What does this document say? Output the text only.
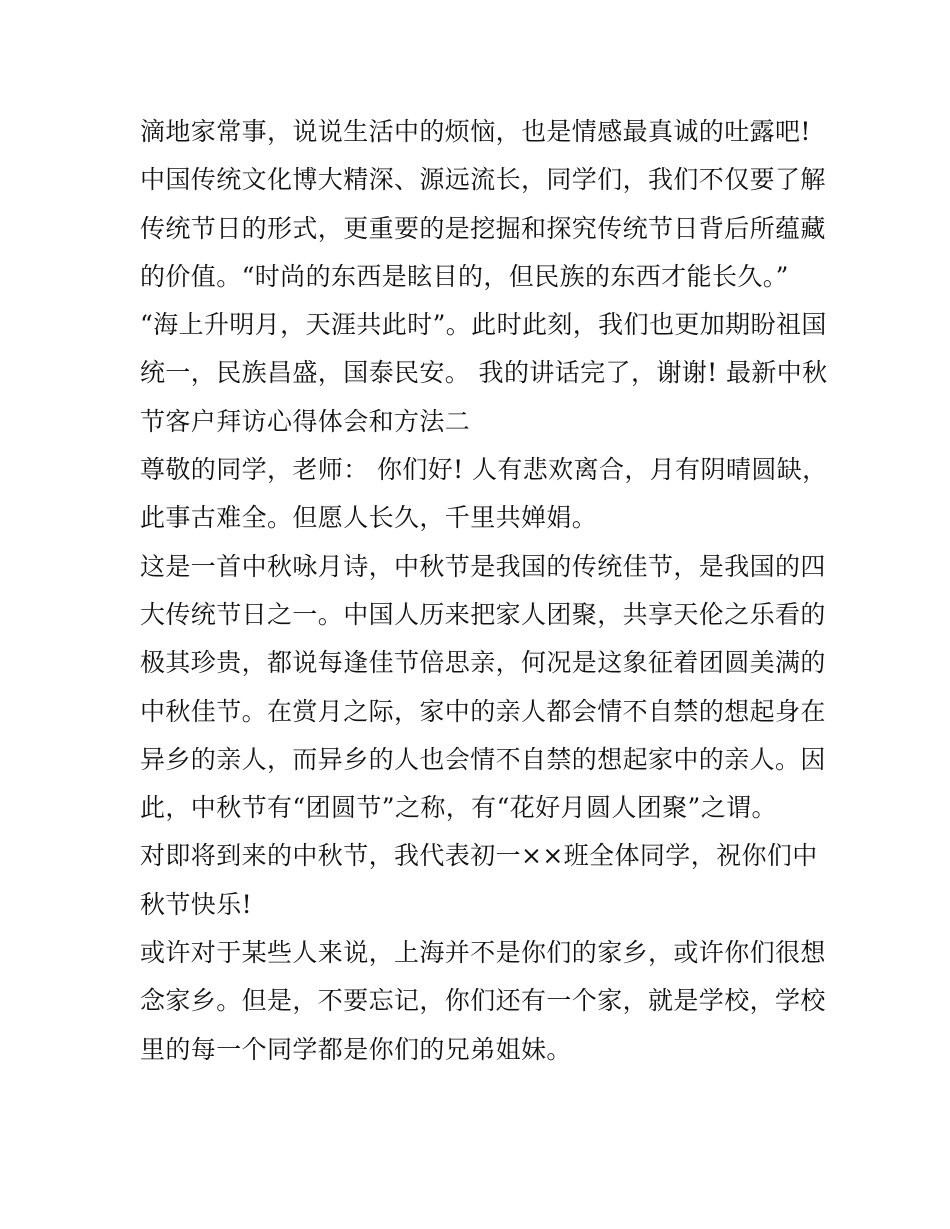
滴地家常事，说说生活中的烦恼，也是情感最真诚的吐露吧!
中国传统文化博大精深、源远流长，同学们，我们不仅要了解
传统节日的形式，更重要的是挖掘和探究传统节日背后所蕴藏
的价值。“时尚的东西是眩目的，但民族的东西才能长久。”
“海上升明月，天涯共此时”。此时此刻，我们也更加期盼祖国
统一，民族昌盛，国泰民安。 我的讲话完了，谢谢! 最新中秋
节客户拜访心得体会和方法二
尊敬的同学，老师： 你们好! 人有悲欢离合，月有阴晴圆缺，
此事古难全。但愿人长久，千里共婵娟。
这是一首中秋咏月诗，中秋节是我国的传统佳节，是我国的四
大传统节日之一。中国人历来把家人团聚，共享天伦之乐看的
极其珍贵，都说每逢佳节倍思亲，何况是这象征着团圆美满的
中秋佳节。在赏月之际，家中的亲人都会情不自禁的想起身在
异乡的亲人，而异乡的人也会情不自禁的想起家中的亲人。因
此，中秋节有“团圆节”之称，有“花好月圆人团聚”之谓。
对即将到来的中秋节，我代表初一××班全体同学，祝你们中
秋节快乐!
或许对于某些人来说，上海并不是你们的家乡，或许你们很想
念家乡。但是，不要忘记，你们还有一个家，就是学校，学校
里的每一个同学都是你们的兄弟姐妹。
